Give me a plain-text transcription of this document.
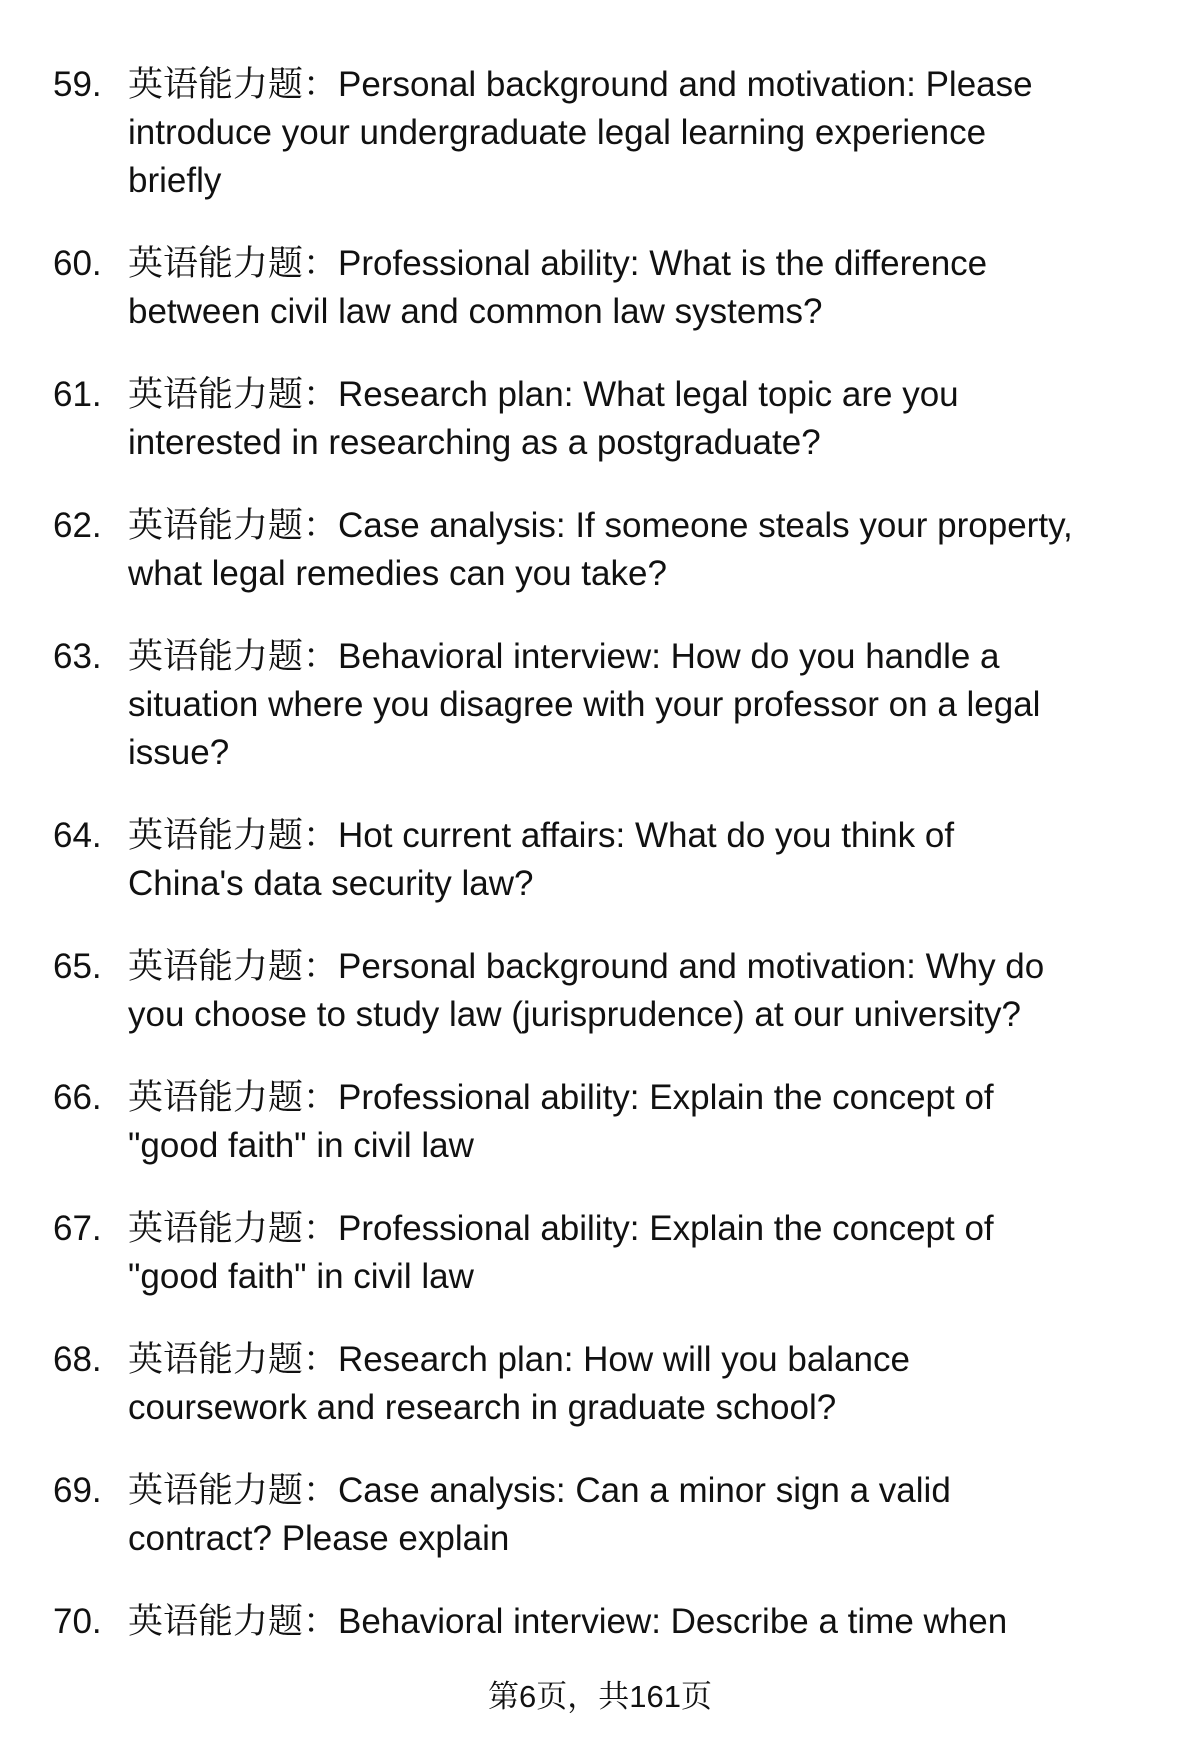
59. 英语能力题：Personal background and motivation: Please
introduce your undergraduate legal learning experience
briefly
60. 英语能力题：Professional ability: What is the difference
between civil law and common law systems?
61. 英语能力题：Research plan: What legal topic are you
interested in researching as a postgraduate?
62. 英语能力题：Case analysis: If someone steals your property,
what legal remedies can you take?
63. 英语能力题：Behavioral interview: How do you handle a
situation where you disagree with your professor on a legal
issue?
64. 英语能力题：Hot current affairs: What do you think of
China's data security law?
65. 英语能力题：Personal background and motivation: Why do
you choose to study law (jurisprudence) at our university?
66. 英语能力题：Professional ability: Explain the concept of
"good faith" in civil law
67. 英语能力题：Professional ability: Explain the concept of
"good faith" in civil law
68. 英语能力题：Research plan: How will you balance
coursework and research in graduate school?
69. 英语能力题：Case analysis: Can a minor sign a valid
contract? Please explain
70. 英语能力题：Behavioral interview: Describe a time when
第6页，共161页
